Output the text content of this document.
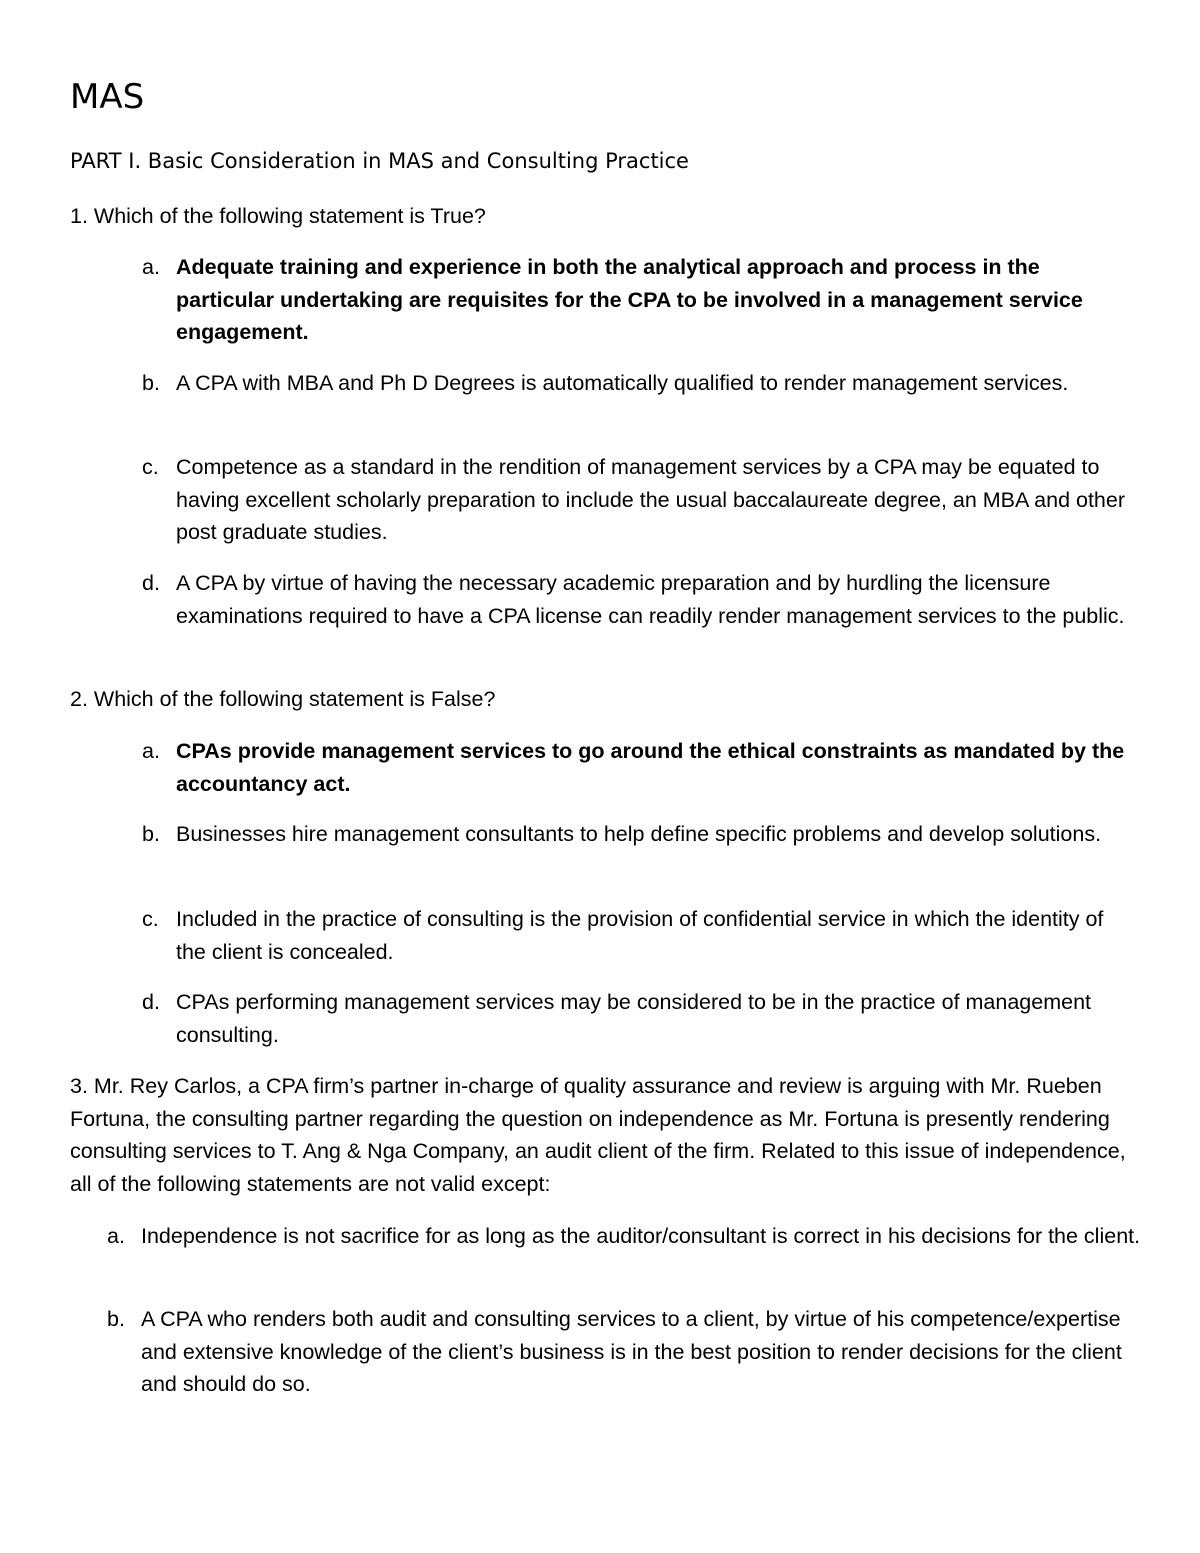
MAS
PART I. Basic Consideration in MAS and Consulting Practice

1. Which of the following statement is True?

a. Adequate training and experience in both the analytical approach and process in the particular undertaking are requisites for the CPA to be involved in a management service engagement.
b. A CPA with MBA and Ph D Degrees is automatically qualified to render management services.
c. Competence as a standard in the rendition of management services by a CPA may be equated to having excellent scholarly preparation to include the usual baccalaureate degree, an MBA and other post graduate studies.
d. A CPA by virtue of having the necessary academic preparation and by hurdling the licensure examinations required to have a CPA license can readily render management services to the public.

2. Which of the following statement is False?

a. CPAs provide management services to go around the ethical constraints as mandated by the accountancy act.
b. Businesses hire management consultants to help define specific problems and develop solutions.
c. Included in the practice of consulting is the provision of confidential service in which the identity of the client is concealed.
d. CPAs performing management services may be considered to be in the practice of management consulting.

3. Mr. Rey Carlos, a CPA firm’s partner in-charge of quality assurance and review is arguing with Mr. Rueben Fortuna, the consulting partner regarding the question on independence as Mr. Fortuna is presently rendering consulting services to T. Ang & Nga Company, an audit client of the firm. Related to this issue of independence, all of the following statements are not valid except:

a. Independence is not sacrifice for as long as the auditor/consultant is correct in his decisions for the client.
b. A CPA who renders both audit and consulting services to a client, by virtue of his competence/expertise and extensive knowledge of the client’s business is in the best position to render decisions for the client and should do so.
